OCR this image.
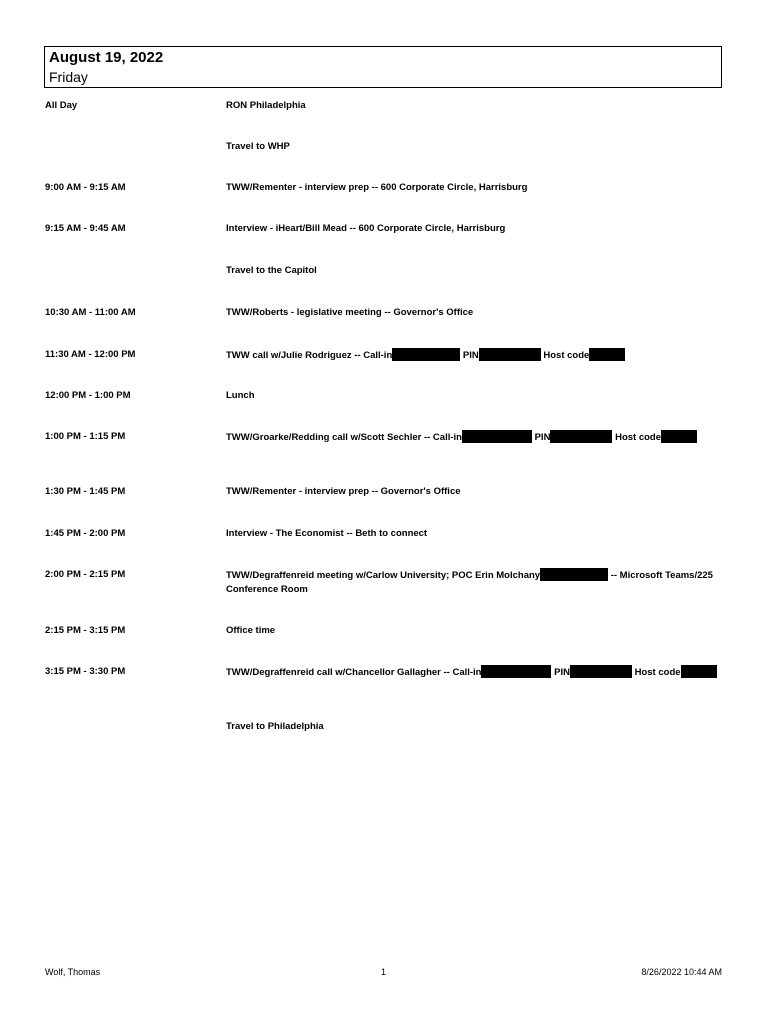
August 19, 2022
Friday
All Day	RON Philadelphia
Travel to WHP
9:00 AM - 9:15 AM	TWW/Rementer - interview prep -- 600 Corporate Circle, Harrisburg
9:15 AM - 9:45 AM	Interview - iHeart/Bill Mead -- 600 Corporate Circle, Harrisburg
Travel to the Capitol
10:30 AM - 11:00 AM	TWW/Roberts - legislative meeting -- Governor's Office
11:30 AM - 12:00 PM	TWW call w/Julie Rodriguez -- Call-in	PIN	Host code
12:00 PM - 1:00 PM	Lunch
1:00 PM - 1:15 PM	TWW/Groarke/Redding call w/Scott Sechler -- Call-in	PIN	Host code
1:30 PM - 1:45 PM	TWW/Rementer - interview prep -- Governor's Office
1:45 PM - 2:00 PM	Interview - The Economist -- Beth to connect
2:00 PM - 2:15 PM	TWW/Degraffenreid meeting w/Carlow University; POC Erin Molchany	-- Microsoft Teams/225 Conference Room
2:15 PM - 3:15 PM	Office time
3:15 PM - 3:30 PM	TWW/Degraffenreid call w/Chancellor Gallagher -- Call-in	PIN	Host code
Travel to Philadelphia
Wolf, Thomas	1	8/26/2022 10:44 AM
